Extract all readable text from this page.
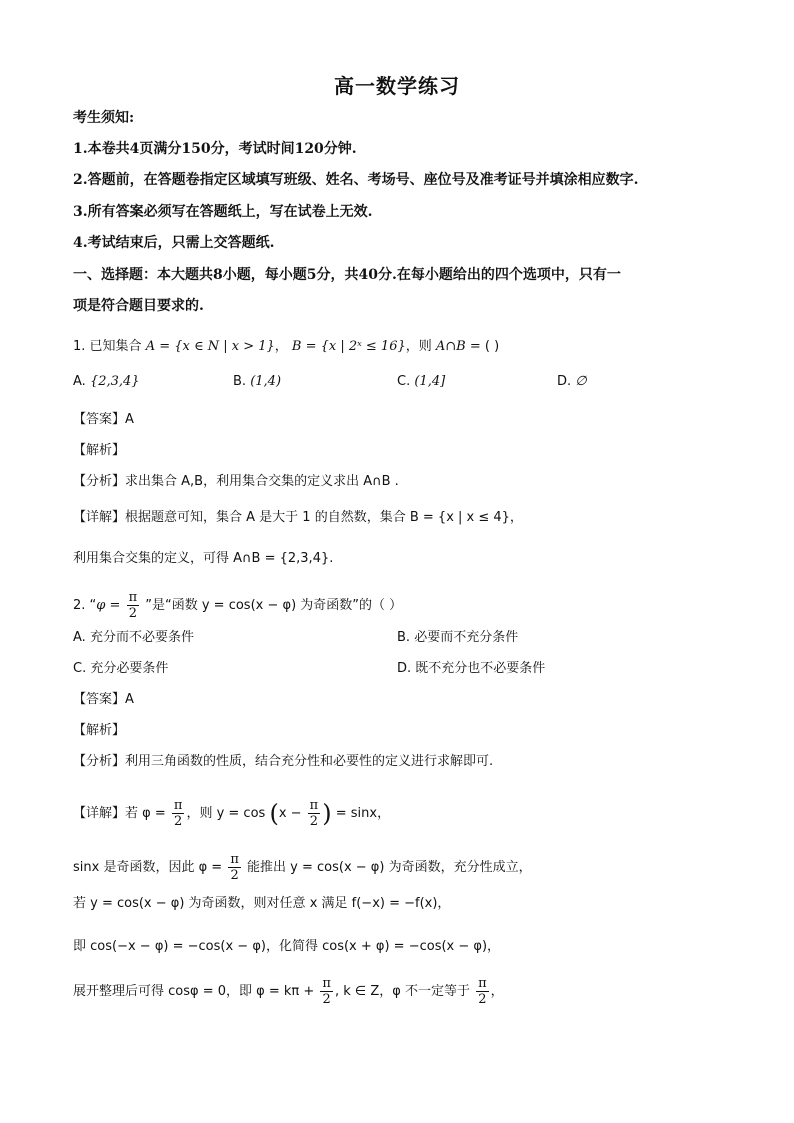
高一数学练习
考生须知:
1.本卷共4页满分150分，考试时间120分钟.
2.答题前，在答题卷指定区域填写班级、姓名、考场号、座位号及准考证号并填涂相应数字.
3.所有答案必须写在答题纸上，写在试卷上无效.
4.考试结束后，只需上交答题纸.
一、选择题：本大题共8小题，每小题5分，共40分.在每小题给出的四个选项中，只有一
项是符合题目要求的.
1. 已知集合 A = {x ∈ N | x > 1}， B = {x | 2ˣ ≤ 16}，则 A∩B = ( )
A. {2,3,4}	B. (1,4)	C. (1,4]	D. ∅
【答案】A
【解析】
【分析】求出集合 A,B，利用集合交集的定义求出 A∩B .
【详解】根据题意可知，集合 A 是大于 1 的自然数，集合 B = {x | x ≤ 4}，
利用集合交集的定义，可得 A∩B = {2,3,4}.
2. “$\varphi = \frac{\pi}{2}$ ”是“函数 y = cos(x − φ) 为奇函数”的（ ）
A. 充分而不必要条件	B. 必要而不充分条件
C. 充分必要条件	D. 既不充分也不必要条件
【答案】A
【解析】
【分析】利用三角函数的性质，结合充分性和必要性的定义进行求解即可.
【详解】若 $\varphi = \frac{\pi}{2}$ ，则 $y = \cos (x - \frac{\pi}{2}$ ) = sinx，
sinx 是奇函数，因此 $\varphi = \frac{\pi}{2}$ 能推出 y = cos(x − φ) 为奇函数，充分性成立，
若 y = cos(x − φ) 为奇函数，则对任意 x 满足 f(−x) = −f(x)，
即 cos(−x − φ) = −cos(x − φ)，化简得 cos(x + φ) = −cos(x − φ)，
展开整理后可得 cosφ = 0，即 $\varphi = k\pi + \frac{\pi}{2}$ , k ∈ Z，φ 不一定等于 $\frac{\pi}{2}$ ，
